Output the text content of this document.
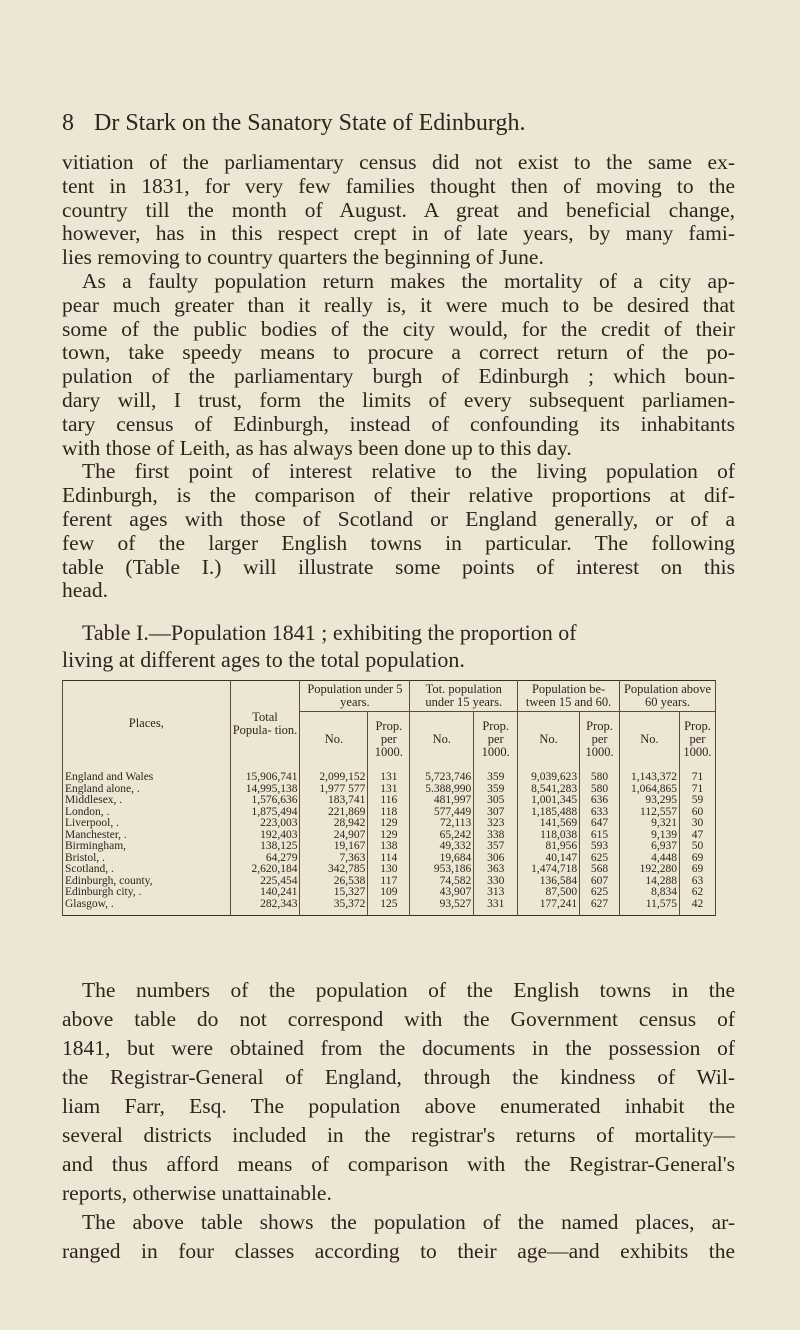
8 Dr Stark on the Sanatory State of Edinburgh.
vitiation of the parliamentary census did not exist to the same ex-
tent in 1831, for very few families thought then of moving to the
country till the month of August. A great and beneficial change,
however, has in this respect crept in of late years, by many fami-
lies removing to country quarters the beginning of June.
As a faulty population return makes the mortality of a city ap-
pear much greater than it really is, it were much to be desired that
some of the public bodies of the city would, for the credit of their
town, take speedy means to procure a correct return of the po-
pulation of the parliamentary burgh of Edinburgh ; which boun-
dary will, I trust, form the limits of every subsequent parliamen-
tary census of Edinburgh, instead of confounding its inhabitants
with those of Leith, as has always been done up to this day.
The first point of interest relative to the living population of
Edinburgh, is the comparison of their relative proportions at dif-
ferent ages with those of Scotland or England generally, or of a
few of the larger English towns in particular. The following
table (Table I.) will illustrate some points of interest on this
head.
Table I.—Population 1841 ; exhibiting the proportion of
living at different ages to the total population.
Places,	Total Popula- tion.	Population under 5 years.		Tot. population under 15 years.		Population be- tween 15 and 60.		Population above 60 years.	
		No.	Prop. per 1000.	No.	Prop. per 1000.	No.	Prop. per 1000.	No.	Prop. per 1000.
England and Wales	15,906,741	2,099,152	131	5,723,746	359	9,039,623	580	1,143,372	71
England alone, .	14,995,138	1,977 577	131	5.388,990	359	8,541,283	580	1,064,865	71
Middlesex, .	1,576,636	183,741	116	481,997	305	1,001,345	636	93,295	59
London, .	1,875,494	221,869	118	577,449	307	1,185,488	633	112,557	60
Liverpool, .	223,003	28,942	129	72,113	323	141,569	647	9,321	30
Manchester, .	192,403	24,907	129	65,242	338	118,038	615	9,139	47
Birmingham,	138,125	19,167	138	49,332	357	81,956	593	6,937	50
Bristol, .	64,279	7,363	114	19,684	306	40,147	625	4,448	69
Scotland, .	2,620,184	342,785	130	953,186	363	1,474,718	568	192,280	69
Edinburgh, county,	225,454	26,538	117	74,582	330	136,584	607	14,288	63
Edinburgh city, .	140,241	15,327	109	43,907	313	87,500	625	8,834	62
Glasgow, .	282,343	35,372	125	93,527	331	177,241	627	11,575	42
The numbers of the population of the English towns in the
above table do not correspond with the Government census of
1841, but were obtained from the documents in the possession of
the Registrar-General of England, through the kindness of Wil-
liam Farr, Esq. The population above enumerated inhabit the
several districts included in the registrar's returns of mortality—
and thus afford means of comparison with the Registrar-General's
reports, otherwise unattainable.
The above table shows the population of the named places, ar-
ranged in four classes according to their age—and exhibits the
